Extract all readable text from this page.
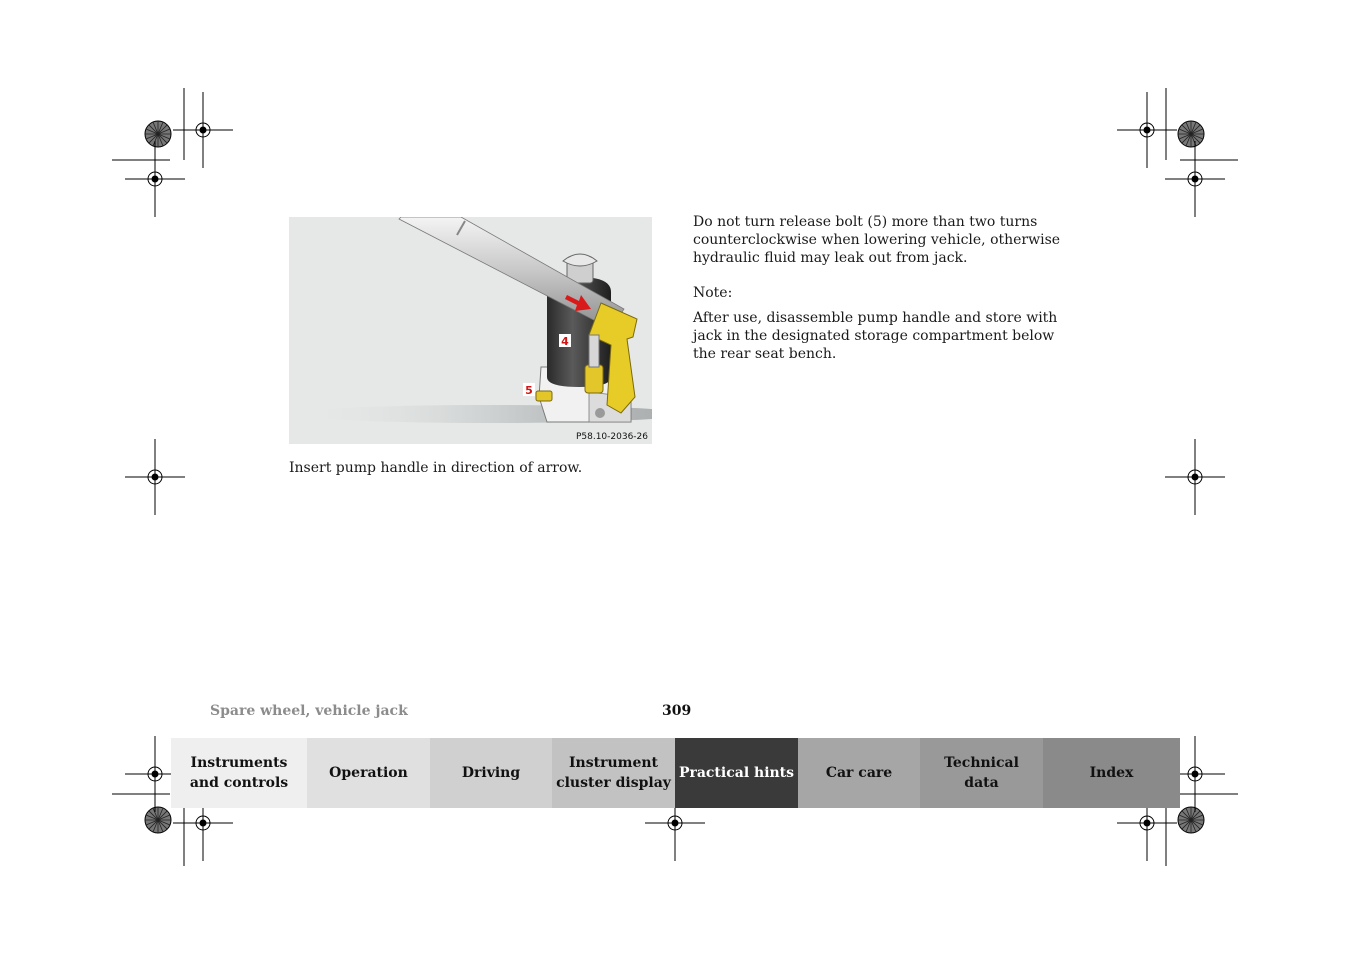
4
5
P58.10-2036-26

Insert pump handle in direction of arrow.

Do not turn release bolt (5) more than two turns counterclockwise when lowering vehicle, otherwise hydraulic fluid may leak out from jack.

Note:

After use, disassemble pump handle and store with jack in the designated storage compartment below the rear seat bench.

Spare wheel, vehicle jack	309
Instruments
and controls
Operation	Driving
Instrument
cluster display
Practical hints	Car care
Technical
data
Index
